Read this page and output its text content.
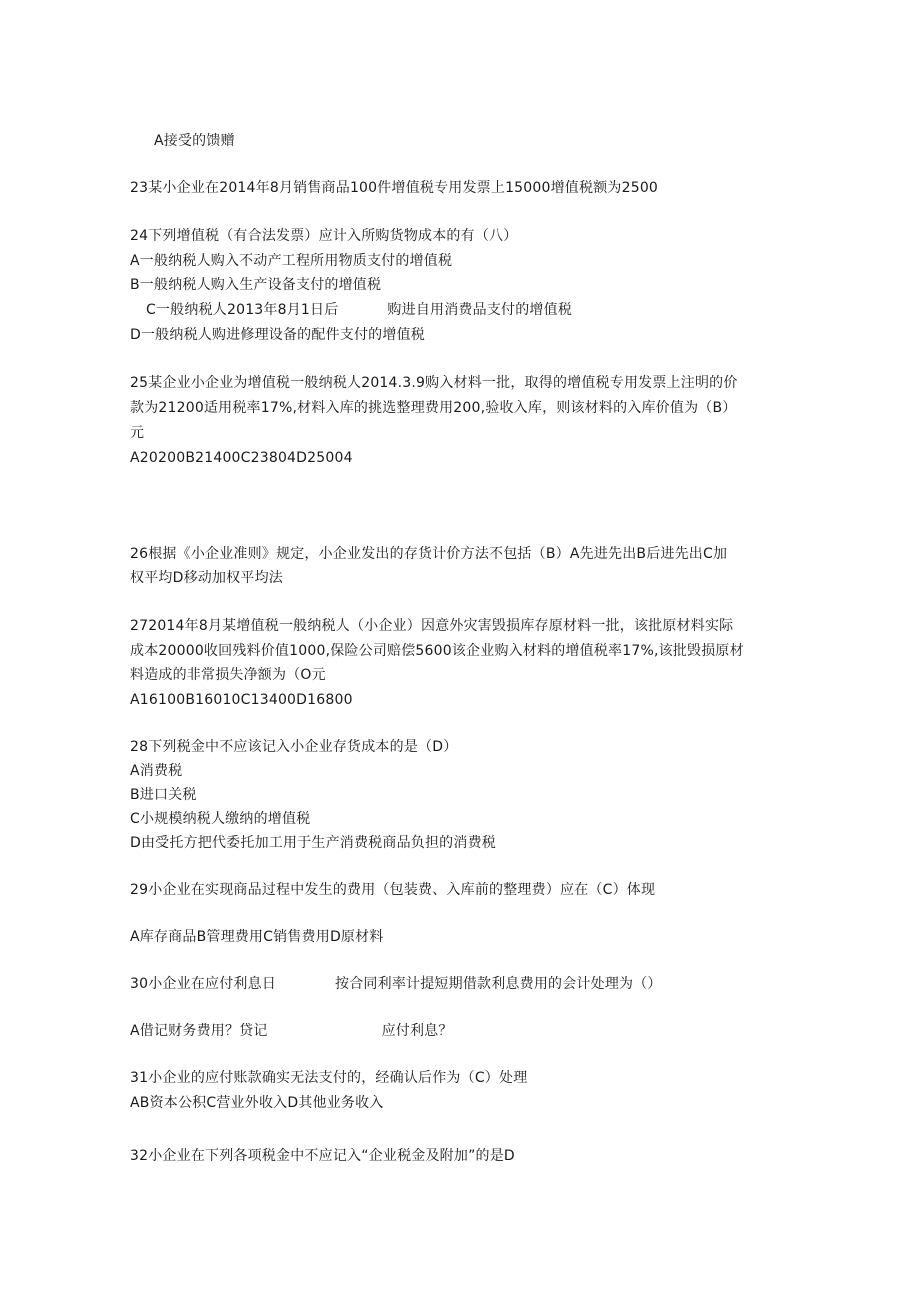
A接受的馈赠
23某小企业在2014年8月销售商品100件增值税专用发票上15000增值税额为2500
24下列增值税（有合法发票）应计入所购货物成本的有（八）
A一般纳税人购入不动产工程所用物质支付的增值税
B一般纳税人购入生产设备支付的增值税
C一般纳税人2013年8月1日后	购进自用消费品支付的增值税
D一般纳税人购进修理设备的配件支付的增值税
25某企业小企业为增值税一般纳税人2014.3.9购入材料一批，取得的增值税专用发票上注明的价
款为21200适用税率17%,材料入库的挑选整理费用200,验收入库，则该材料的入库价值为（B）
元
A20200B21400C23804D25004
26根据《小企业准则》规定，小企业发出的存货计价方法不包括（B）A先进先出B后进先出C加
权平均D移动加权平均法
272014年8月某增值税一般纳税人（小企业）因意外灾害毁损库存原材料一批，该批原材料实际
成本20000收回残料价值1000,保险公司赔偿5600该企业购入材料的增值税率17%,该批毁损原材
料造成的非常损失净额为（O元
A16100B16010C13400D16800
28下列税金中不应该记入小企业存货成本的是（D）
A消费税
B进口关税
C小规模纳税人缴纳的增值税
D由受托方把代委托加工用于生产消费税商品负担的消费税
29小企业在实现商品过程中发生的费用（包装费、入库前的整理费）应在（C）体现
A库存商品B管理费用C销售费用D原材料
30小企业在应付利息日	按合同利率计提短期借款利息费用的会计处理为（）
A借记财务费用？贷记	应付利息？
31小企业的应付账款确实无法支付的，经确认后作为（C）处理
AB资本公积C营业外收入D其他业务收入
32小企业在下列各项税金中不应记入“企业税金及附加”的是D
